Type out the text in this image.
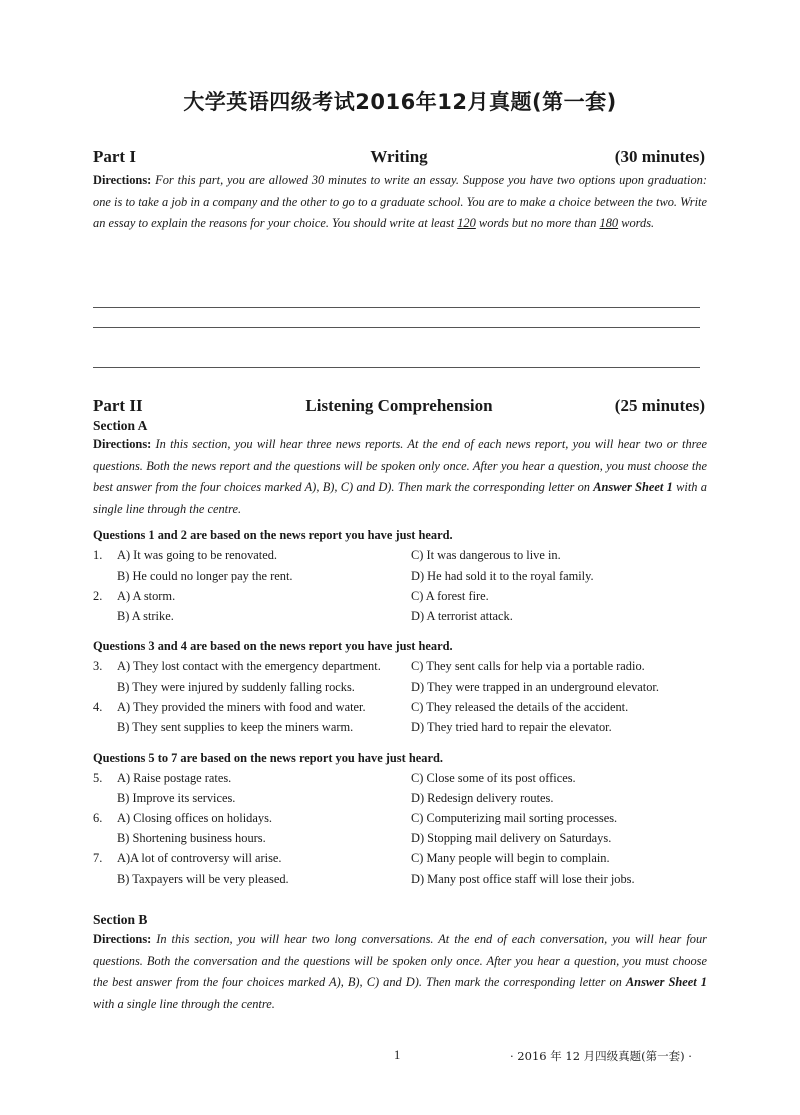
大学英语四级考试2016年12月真题(第一套)
Part I	Writing	(30 minutes)
Directions: For this part, you are allowed 30 minutes to write an essay. Suppose you have two options upon graduation: one is to take a job in a company and the other to go to a graduate school. You are to make a choice between the two. Write an essay to explain the reasons for your choice. You should write at least 120 words but no more than 180 words.
Part II	Listening Comprehension	(25 minutes)
Section A
Directions: In this section, you will hear three news reports. At the end of each news report, you will hear two or three questions. Both the news report and the questions will be spoken only once. After you hear a question, you must choose the best answer from the four choices marked A), B), C) and D). Then mark the corresponding letter on Answer Sheet 1 with a single line through the centre.
Questions 1 and 2 are based on the news report you have just heard.
1. A) It was going to be renovated.	C) It was dangerous to live in.
B) He could no longer pay the rent.	D) He had sold it to the royal family.
2. A) A storm.	C) A forest fire.
B) A strike.	D) A terrorist attack.
Questions 3 and 4 are based on the news report you have just heard.
3. A) They lost contact with the emergency department. C) They sent calls for help via a portable radio.
B) They were injured by suddenly falling rocks.	D) They were trapped in an underground elevator.
4. A) They provided the miners with food and water.	C) They released the details of the accident.
B) They sent supplies to keep the miners warm.	D) They tried hard to repair the elevator.
Questions 5 to 7 are based on the news report you have just heard.
5. A) Raise postage rates.	C) Close some of its post offices.
B) Improve its services.	D) Redesign delivery routes.
6. A) Closing offices on holidays.	C) Computerizing mail sorting processes.
B) Shortening business hours.	D) Stopping mail delivery on Saturdays.
7. A)A lot of controversy will arise.	C) Many people will begin to complain.
B) Taxpayers will be very pleased.	D) Many post office staff will lose their jobs.
Section B
Directions: In this section, you will hear two long conversations. At the end of each conversation, you will hear four questions. Both the conversation and the questions will be spoken only once. After you hear a question, you must choose the best answer from the four choices marked A), B), C) and D). Then mark the corresponding letter on Answer Sheet 1 with a single line through the centre.
1	· 2016 年 12 月四级真题(第一套) ·
